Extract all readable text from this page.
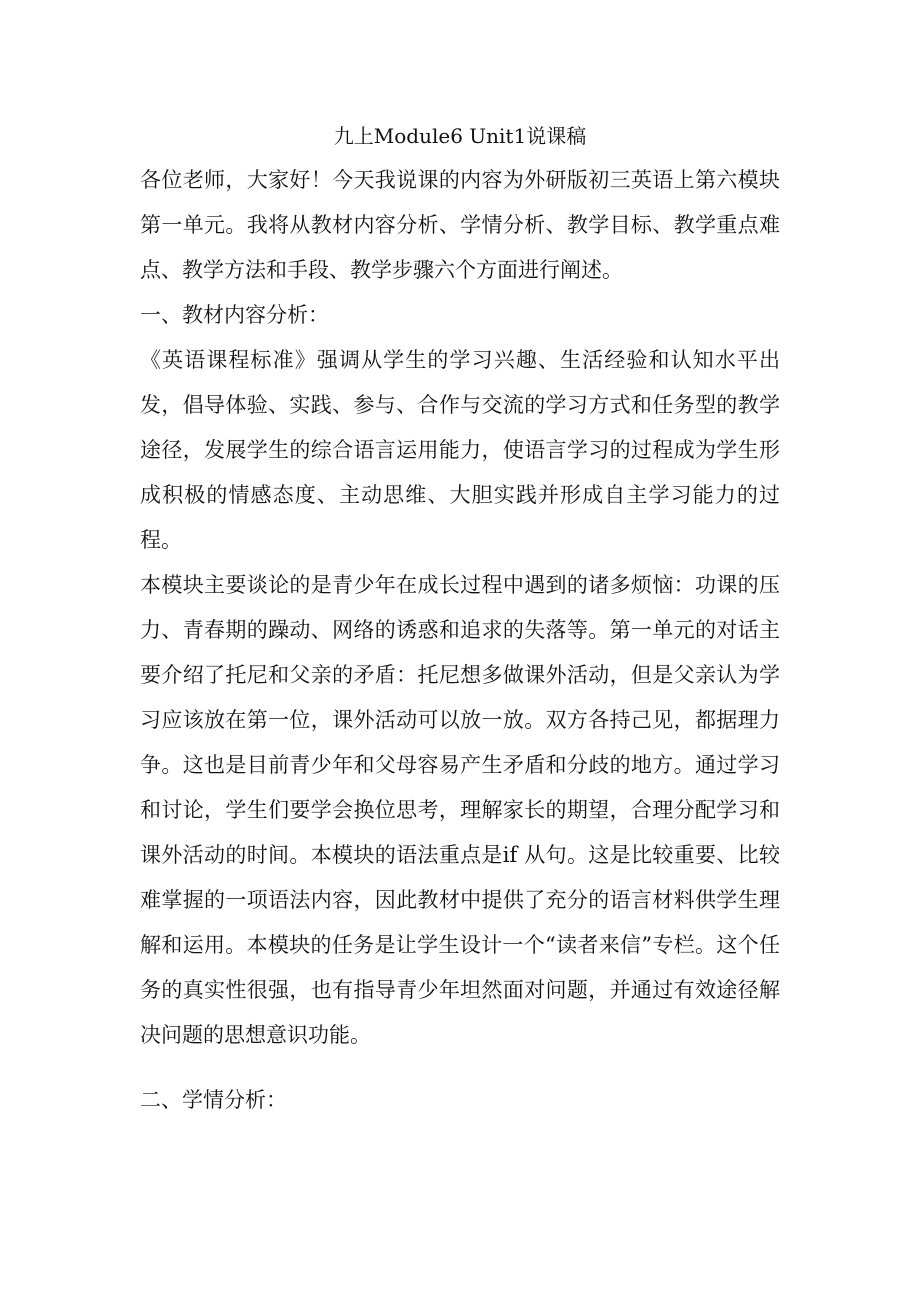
九上Module6 Unit1说课稿

各位老师，大家好！今天我说课的内容为外研版初三英语上第六模块第一单元。我将从教材内容分析、学情分析、教学目标、教学重点难点、教学方法和手段、教学步骤六个方面进行阐述。

一、教材内容分析：

《英语课程标准》强调从学生的学习兴趣、生活经验和认知水平出发，倡导体验、实践、参与、合作与交流的学习方式和任务型的教学途径，发展学生的综合语言运用能力，使语言学习的过程成为学生形成积极的情感态度、主动思维、大胆实践并形成自主学习能力的过程。

本模块主要谈论的是青少年在成长过程中遇到的诸多烦恼：功课的压力、青春期的躁动、网络的诱惑和追求的失落等。第一单元的对话主要介绍了托尼和父亲的矛盾：托尼想多做课外活动，但是父亲认为学习应该放在第一位，课外活动可以放一放。双方各持己见，都据理力争。这也是目前青少年和父母容易产生矛盾和分歧的地方。通过学习和讨论，学生们要学会换位思考，理解家长的期望，合理分配学习和课外活动的时间。本模块的语法重点是if 从句。这是比较重要、比较难掌握的一项语法内容，因此教材中提供了充分的语言材料供学生理解和运用。本模块的任务是让学生设计一个“读者来信”专栏。这个任务的真实性很强，也有指导青少年坦然面对问题，并通过有效途径解决问题的思想意识功能。

二、学情分析：
